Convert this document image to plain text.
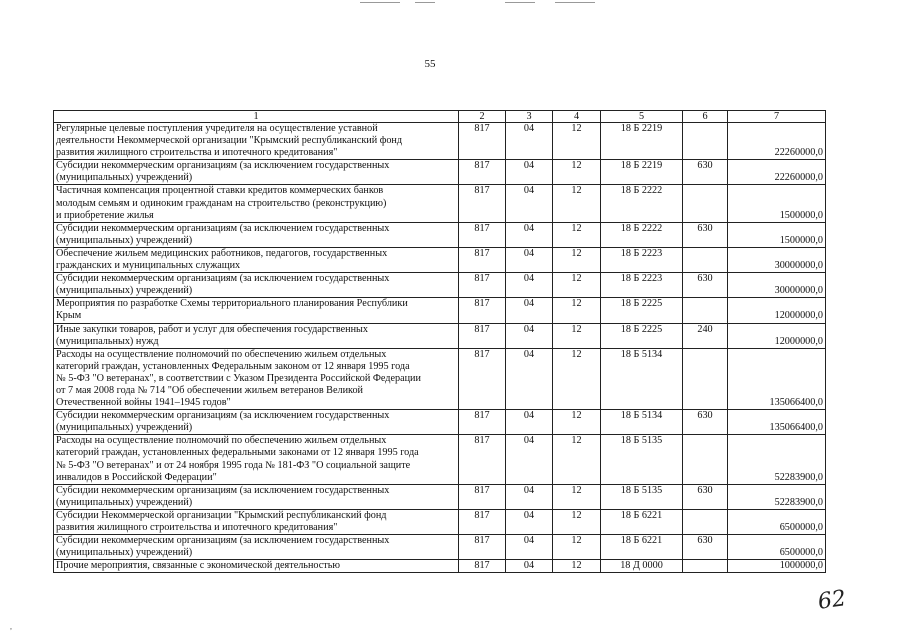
55
1	2	3	4	5	6	7

Регулярные целевые поступления учредителя на осуществление уставной
деятельности Некоммерческой организации "Крымский республиканский фонд
развития жилищного строительства и ипотечного кредитования"	817	04	12	18 Б 2219		22260000,0

Субсидии некоммерческим организациям (за исключением государственных
(муниципальных) учреждений)	817	04	12	18 Б 2219	630	22260000,0

Частичная компенсация процентной ставки кредитов коммерческих банков
молодым семьям и одиноким гражданам на строительство (реконструкцию)
и приобретение жилья	817	04	12	18 Б 2222		1500000,0

Субсидии некоммерческим организациям (за исключением государственных
(муниципальных) учреждений)	817	04	12	18 Б 2222	630	1500000,0

Обеспечение жильем медицинских работников, педагогов, государственных
гражданских и муниципальных служащих	817	04	12	18 Б 2223		30000000,0

Субсидии некоммерческим организациям (за исключением государственных
(муниципальных) учреждений)	817	04	12	18 Б 2223	630	30000000,0

Мероприятия по разработке Схемы территориального планирования Республики
Крым	817	04	12	18 Б 2225		12000000,0

Иные закупки товаров, работ и услуг для обеспечения государственных
(муниципальных) нужд	817	04	12	18 Б 2225	240	12000000,0

Расходы на осуществление полномочий по обеспечению жильем отдельных
категорий граждан, установленных Федеральным законом от 12 января 1995 года
№ 5-ФЗ "О ветеранах", в соответствии с Указом Президента Российской Федерации
от 7 мая 2008 года № 714 "Об обеспечении жильем ветеранов Великой
Отечественной войны 1941–1945 годов"	817	04	12	18 Б 5134		135066400,0

Субсидии некоммерческим организациям (за исключением государственных
(муниципальных) учреждений)	817	04	12	18 Б 5134	630	135066400,0

Расходы на осуществление полномочий по обеспечению жильем отдельных
категорий граждан, установленных федеральными законами от 12 января 1995 года
№ 5-ФЗ "О ветеранах" и от 24 ноября 1995 года № 181-ФЗ "О социальной защите
инвалидов в Российской Федерации"	817	04	12	18 Б 5135		52283900,0

Субсидии некоммерческим организациям (за исключением государственных
(муниципальных) учреждений)	817	04	12	18 Б 5135	630	52283900,0

Субсидии Некоммерческой организации "Крымский республиканский фонд
развития жилищного строительства и ипотечного кредитования"	817	04	12	18 Б 6221		6500000,0

Субсидии некоммерческим организациям (за исключением государственных
(муниципальных) учреждений)	817	04	12	18 Б 6221	630	6500000,0

Прочие мероприятия, связанные с экономической деятельностью	817	04	12	18 Д 0000		1000000,0
62
,
